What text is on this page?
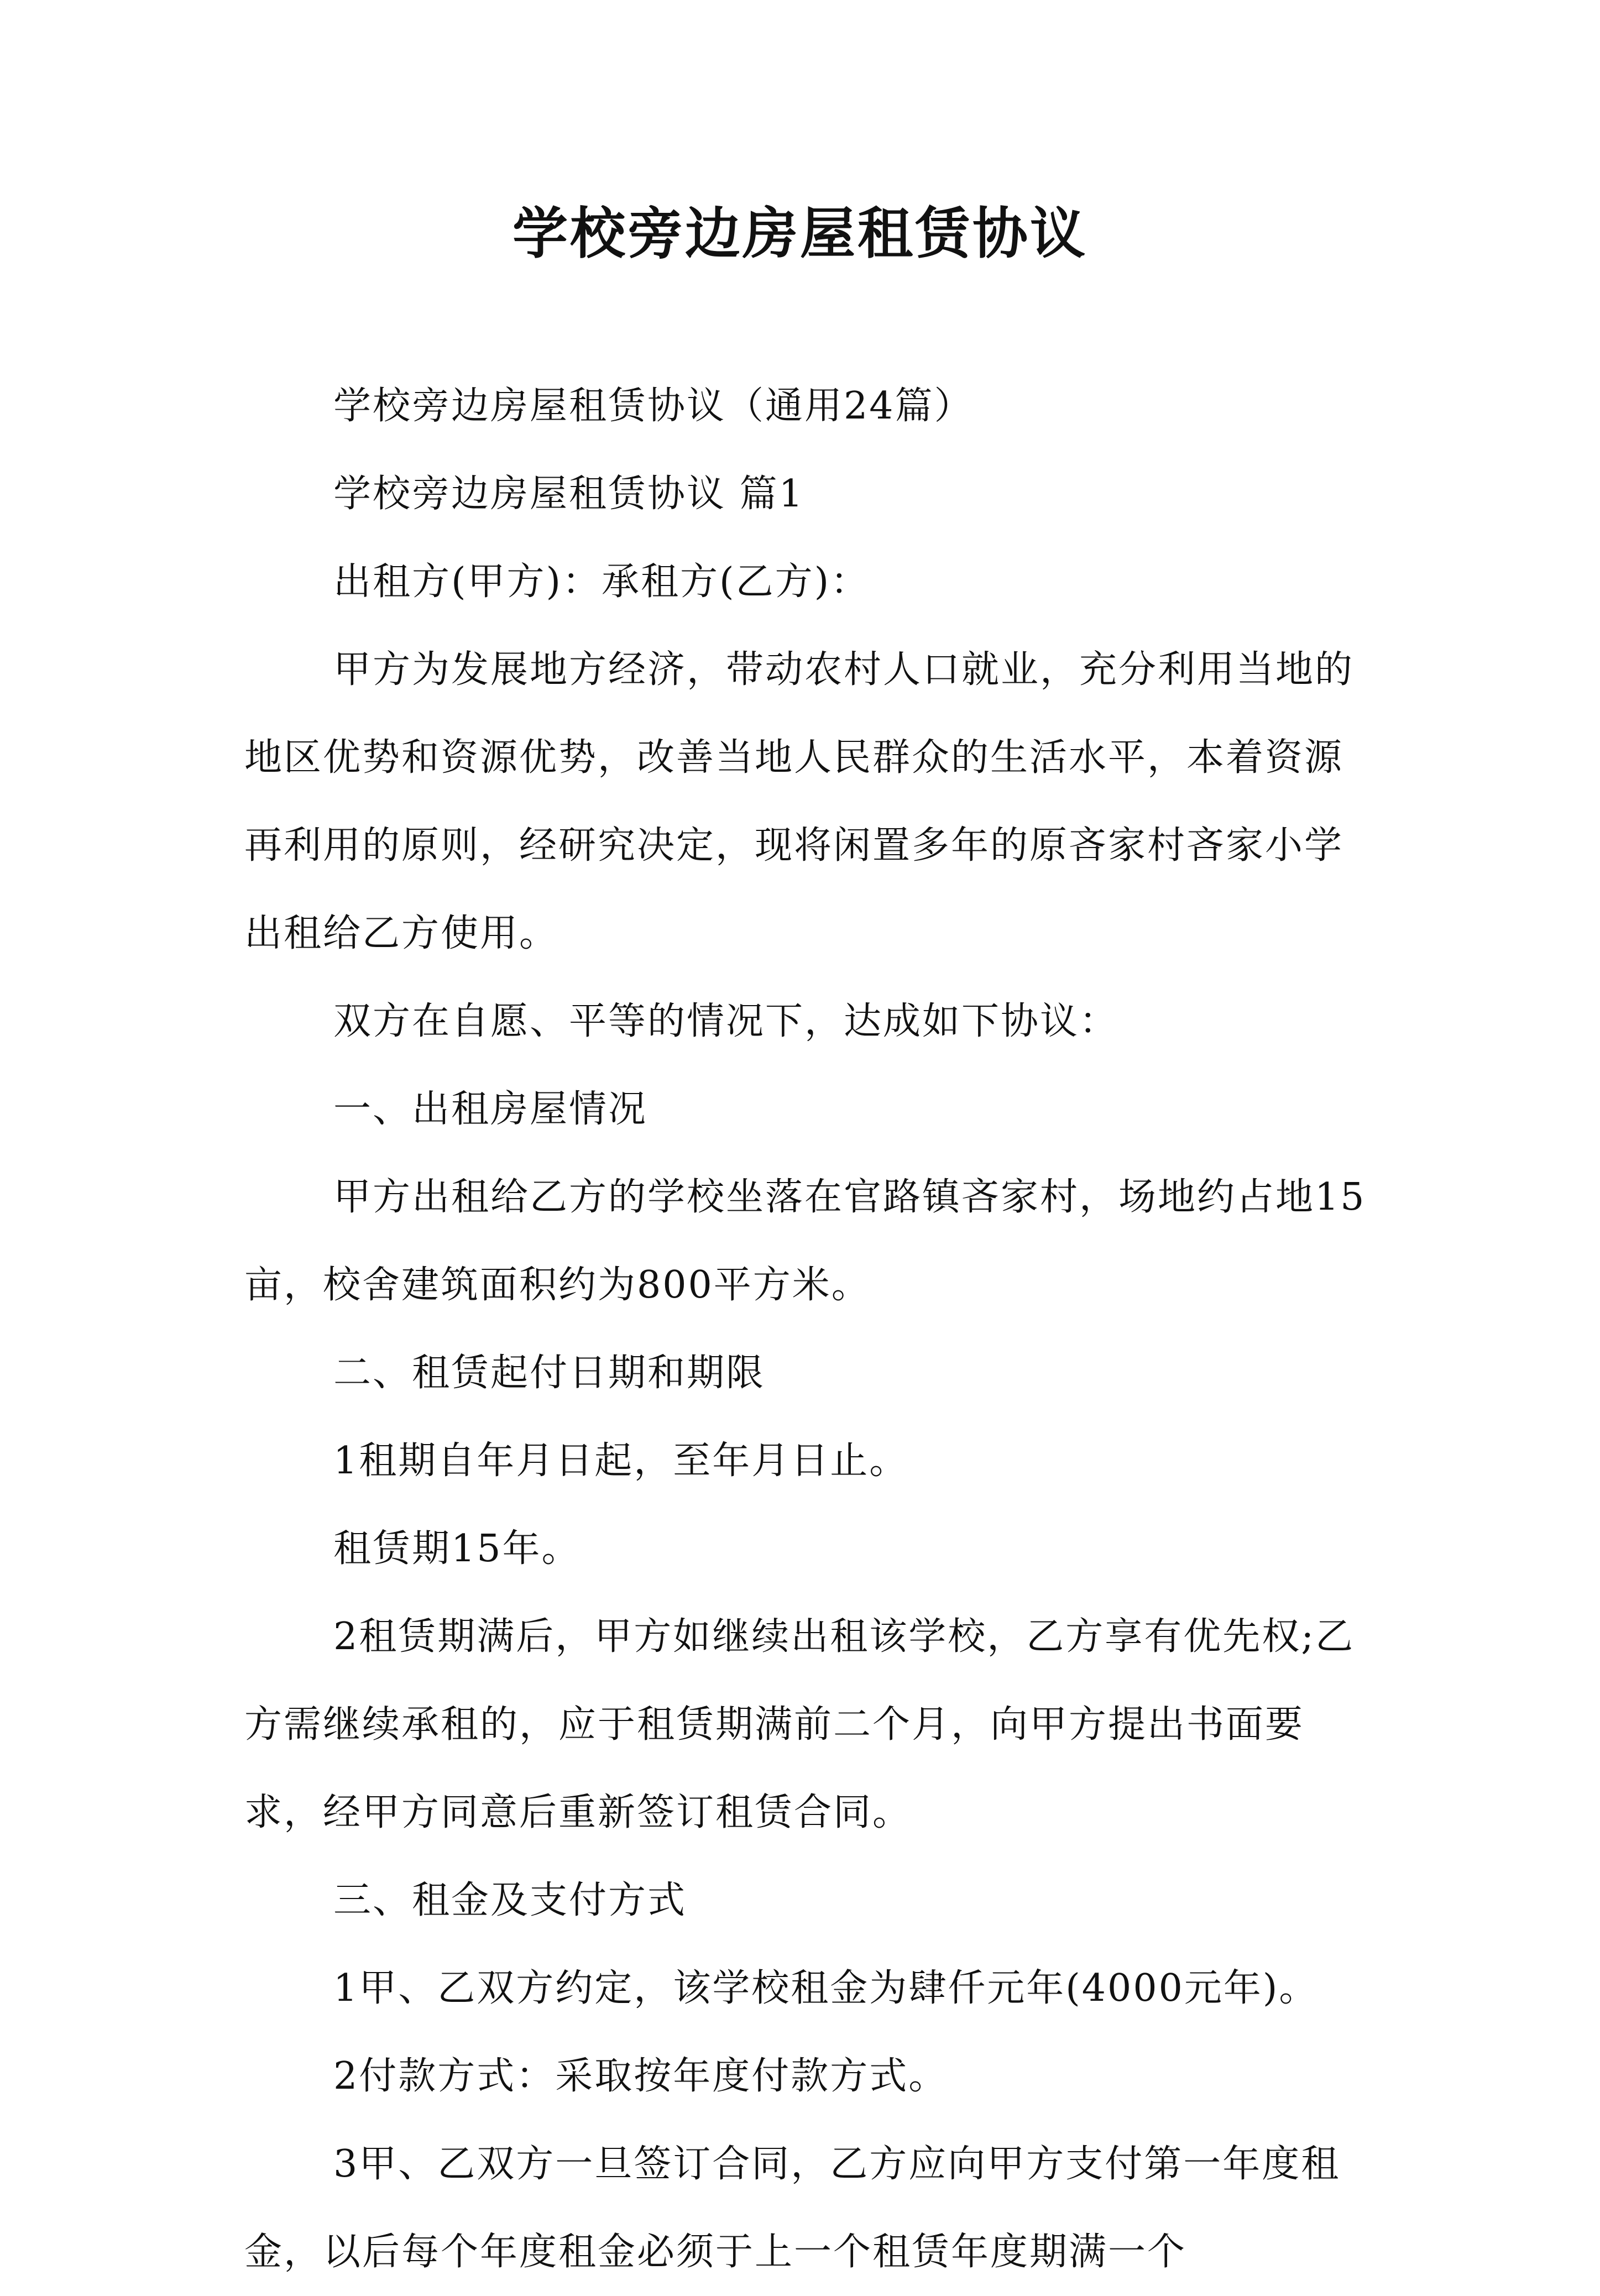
学校旁边房屋租赁协议

学校旁边房屋租赁协议（通用24篇）

学校旁边房屋租赁协议 篇1

出租方(甲方)：承租方(乙方)：

甲方为发展地方经济，带动农村人口就业，充分利用当地的地区优势和资源优势，改善当地人民群众的生活水平，本着资源再利用的原则，经研究决定，现将闲置多年的原吝家村吝家小学出租给乙方使用。

双方在自愿、平等的情况下，达成如下协议：

一、出租房屋情况

甲方出租给乙方的学校坐落在官路镇吝家村，场地约占地15亩，校舍建筑面积约为800平方米。

二、租赁起付日期和期限

1租期自年月日起，至年月日止。

租赁期15年。

2租赁期满后，甲方如继续出租该学校，乙方享有优先权;乙方需继续承租的，应于租赁期满前二个月，向甲方提出书面要求，经甲方同意后重新签订租赁合同。

三、租金及支付方式

1甲、乙双方约定，该学校租金为肆仟元年(4000元年)。

2付款方式：采取按年度付款方式。

3甲、乙双方一旦签订合同，乙方应向甲方支付第一年度租金，以后每个年度租金必须于上一个租赁年度期满一个
